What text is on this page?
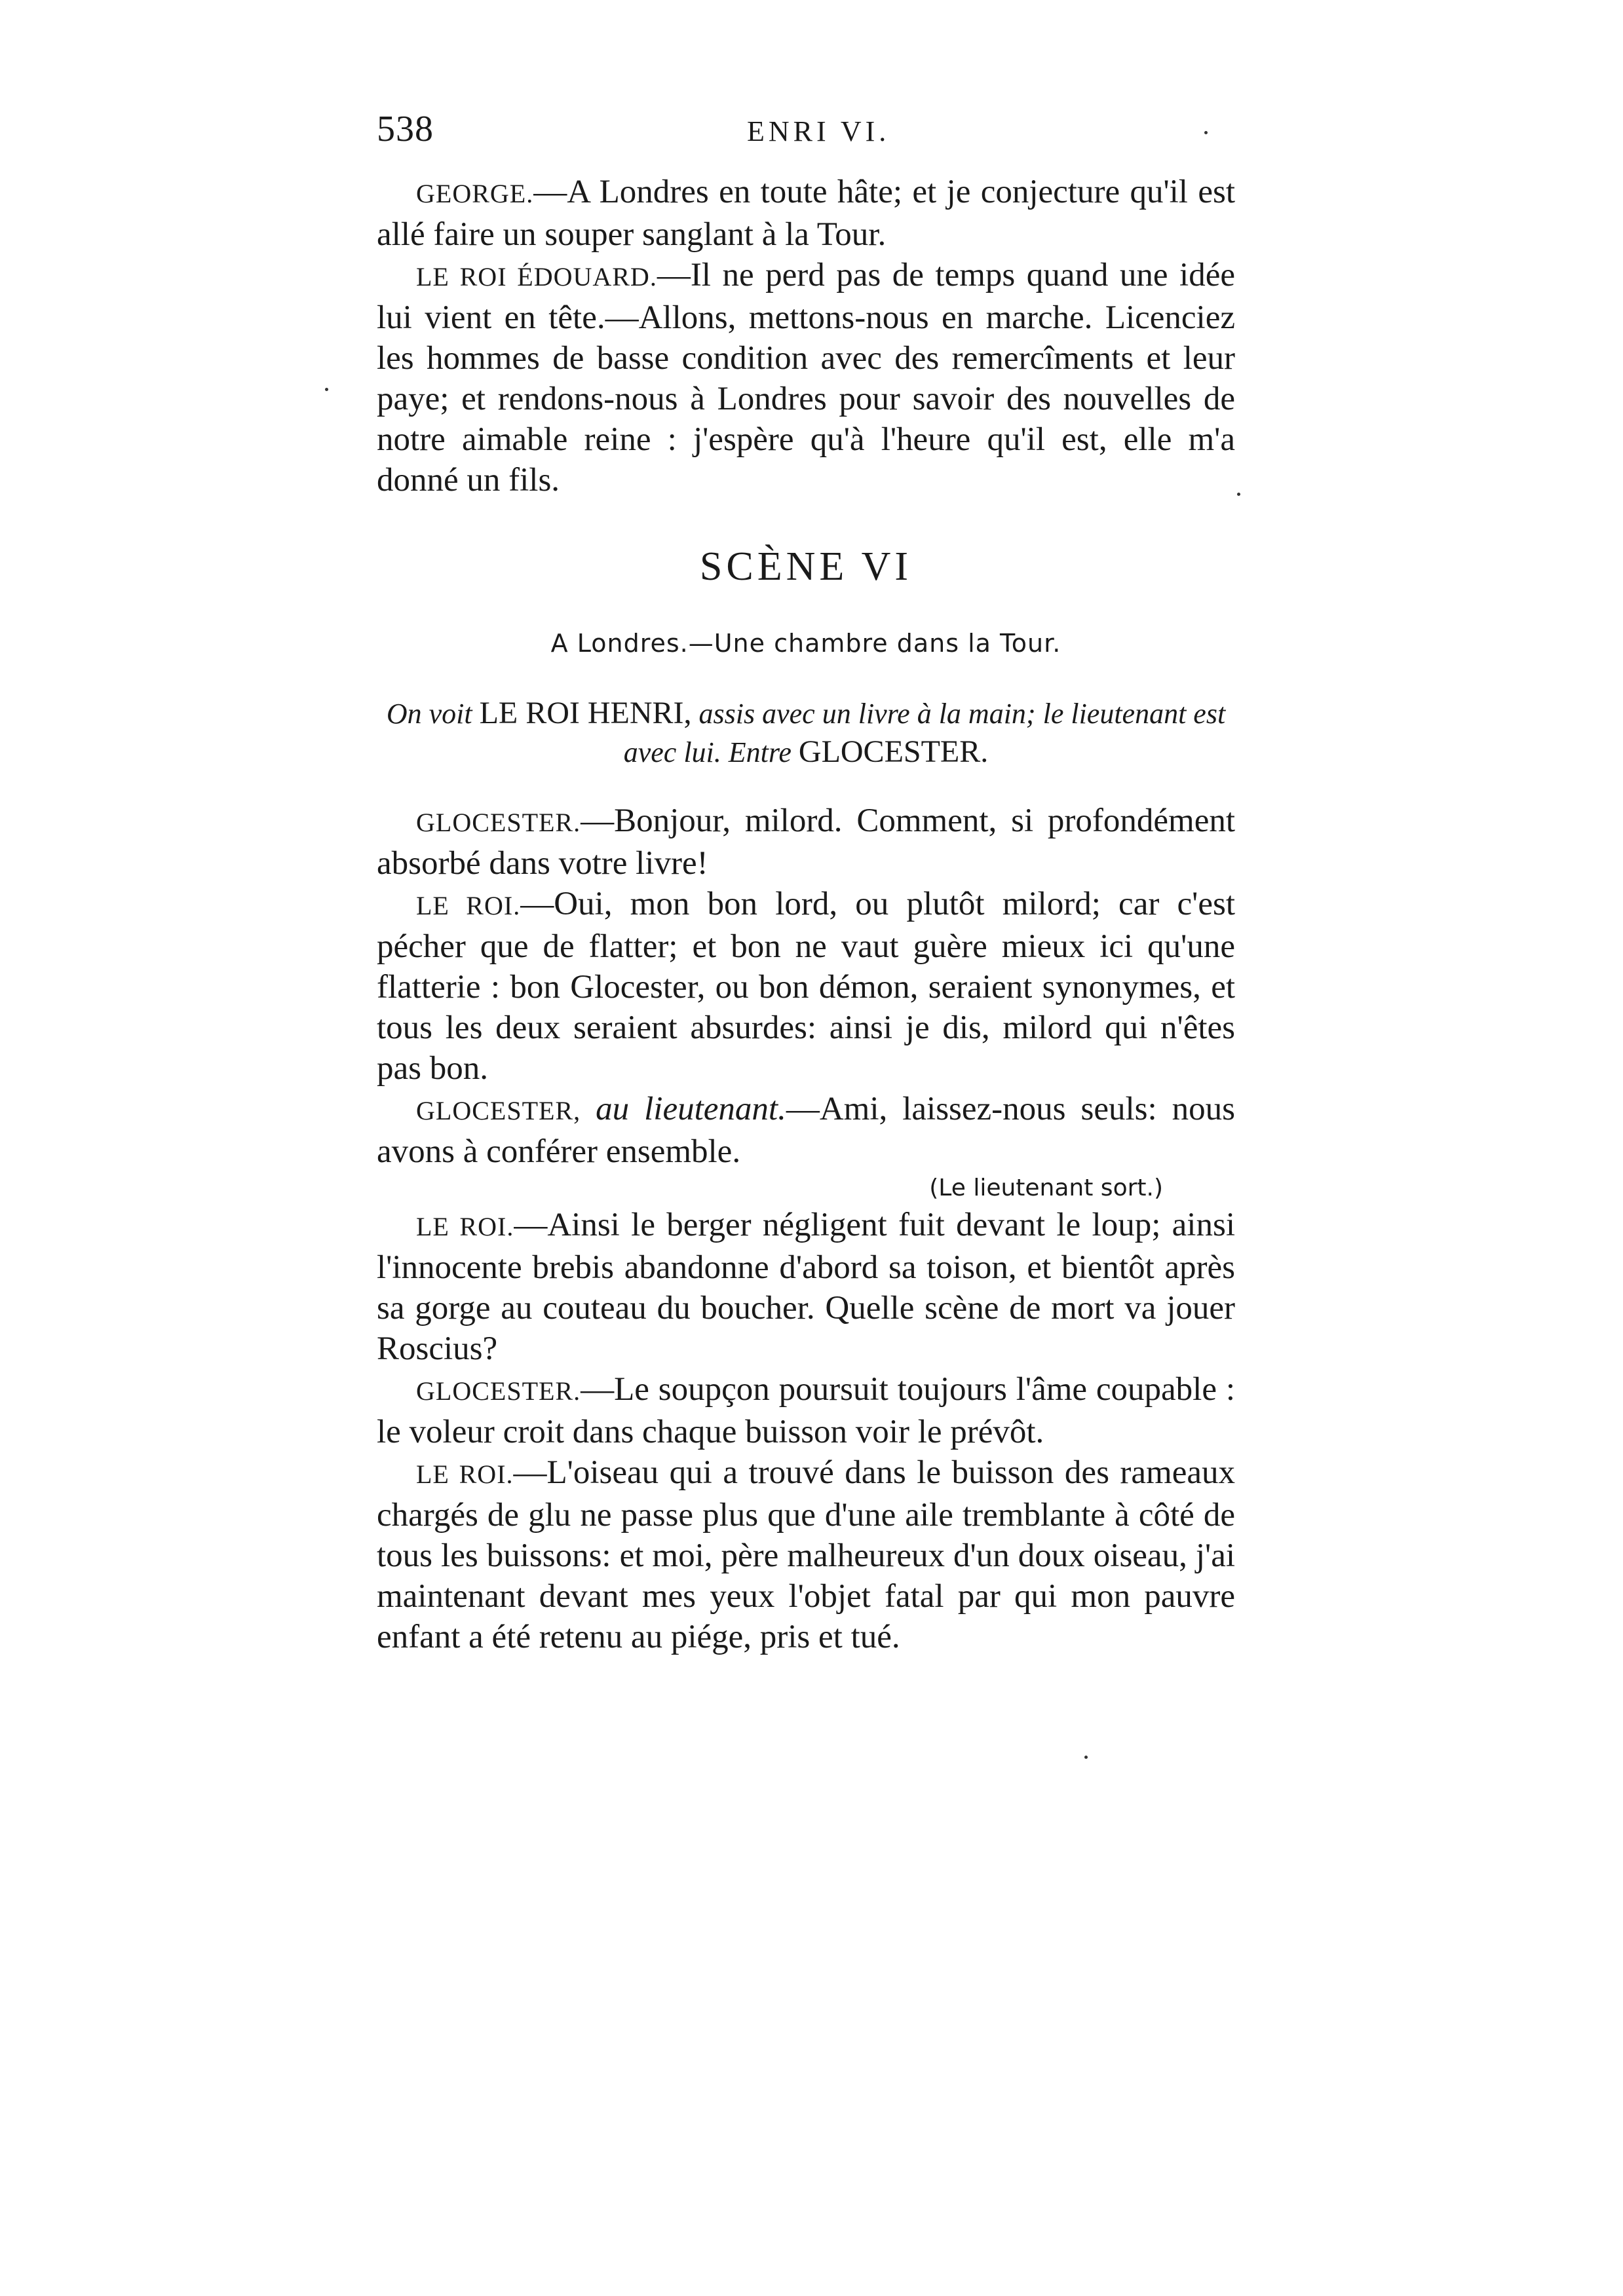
538	ENRI VI.

GEORGE.—A Londres en toute hâte; et je conjecture qu'il est allé faire un souper sanglant à la Tour.

LE ROI ÉDOUARD.—Il ne perd pas de temps quand une idée lui vient en tête.—Allons, mettons-nous en marche. Licenciez les hommes de basse condition avec des remercîments et leur paye; et rendons-nous à Londres pour savoir des nouvelles de notre aimable reine : j'espère qu'à l'heure qu'il est, elle m'a donné un fils.

SCÈNE VI
A Londres.—Une chambre dans la Tour.
On voit LE ROI HENRI, assis avec un livre à la main; le lieutenant est avec lui. Entre GLOCESTER.

GLOCESTER.—Bonjour, milord. Comment, si profondément absorbé dans votre livre!

LE ROI.—Oui, mon bon lord, ou plutôt milord; car c'est pécher que de flatter; et bon ne vaut guère mieux ici qu'une flatterie : bon Glocester, ou bon démon, seraient synonymes, et tous les deux seraient absurdes: ainsi je dis, milord qui n'êtes pas bon.

GLOCESTER, au lieutenant.—Ami, laissez-nous seuls: nous avons à conférer ensemble.

(Le lieutenant sort.)

LE ROI.—Ainsi le berger négligent fuit devant le loup; ainsi l'innocente brebis abandonne d'abord sa toison, et bientôt après sa gorge au couteau du boucher. Quelle scène de mort va jouer Roscius?

GLOCESTER.—Le soupçon poursuit toujours l'âme coupable : le voleur croit dans chaque buisson voir le prévôt.

LE ROI.—L'oiseau qui a trouvé dans le buisson des rameaux chargés de glu ne passe plus que d'une aile tremblante à côté de tous les buissons: et moi, père malheureux d'un doux oiseau, j'ai maintenant devant mes yeux l'objet fatal par qui mon pauvre enfant a été retenu au piége, pris et tué.
